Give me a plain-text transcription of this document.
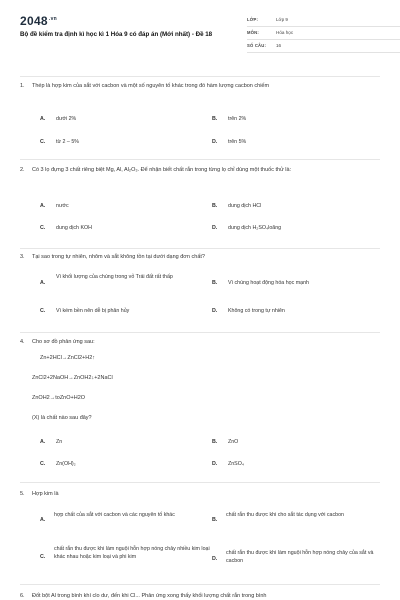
$2048^{.vn}$
Bộ đề kiểm tra định kì học kì 1 Hóa 9 có đáp án (Mới nhất) - Đề 18
LỚP:	Lớp 9
MÔN:	Hóa học
SỐ CÂU: 16
1. Thép là hợp kim của sắt với cacbon và một số nguyên tố khác trong đó hàm lượng cacbon chiếm
A. dưới 2%	B. trên 2%
C. từ 2 – 5%	D. trên 5%
2. Có 3 lọ đựng 3 chất riêng biệt Mg, Al, Al₂O₃. Để nhận biết chất rắn trong từng lọ chỉ dùng một thuốc thử là:
A. nước	B. dung dịch HCl
C. dung dịch KOH	D. dung dịch H₂SO₄loãng
3. Tại sao trong tự nhiên, nhôm và sắt không tồn tại dưới dạng đơn chất?
A.
Vì khối lượng của chúng trong vỏ Trái đất rất thấp
B. Vì chúng hoạt động hóa học mạnh
C. Vì kém bền nên dễ bị phân hủy	D. Không có trong tự nhiên
4. Cho sơ đồ phản ứng sau:
Zn+2HCl→ZnCl2+H2↑
ZnCl2+2NaOH→ZnOH2↓+2NaCl
ZnOH2→toZnO+H2O
(X) là chất nào sau đây?
A. Zn	B. ZnO
C. Zn(OH)₂	D. ZnSO₄
5. Hợp kim là
A.
hợp chất của sắt với cacbon và các nguyên tố khác
B.
chất rắn thu được khi cho sắt tác dụng với cacbon
C.
chất rắn thu được khi làm nguội hỗn hợp nóng chảy nhiều kim loại khác nhau hoặc kim loại và phi kim	D.
chất rắn thu được khi làm nguội hỗn hợp nóng chảy của sắt và cacbon
6. Đốt bột Al trong bình khí clo dư, đến khi Cl... Phản ứng xong thấy khối lượng chất rắn trong bình
